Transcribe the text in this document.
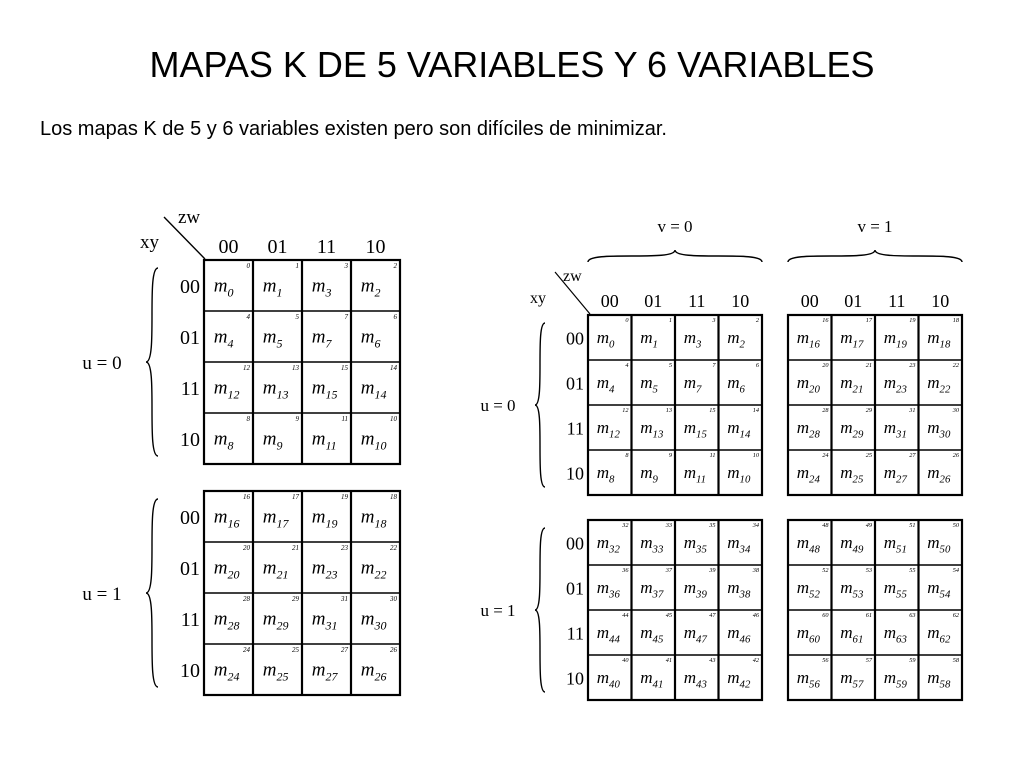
MAPAS K DE 5 VARIABLES Y 6 VARIABLES
Los mapas K de 5 y 6 variables existen pero son difíciles de minimizar.
zw
xy	00 01 11 10
0
$m_0$
1
$m_1$
3
$m_3$
2
$m_2$
4
$m_4$
5
$m_5$
7
$m_7$
6
$m_6$
12
$m_{12}$
13
$m_{13}$
15
$m_{15}$
14
$m_{14}$
8
$m_8$
9
$m_9$
11
$m_{11}$
10
$m_{10}$
00
01
11
10
u = 0
16
$m_{16}$
17
$m_{17}$
19
$m_{19}$
18
$m_{18}$
20
$m_{20}$
21
$m_{21}$
23
$m_{23}$
22
$m_{22}$
28
$m_{28}$
29
$m_{29}$
31
$m_{31}$
30
$m_{30}$
24
$m_{24}$
25
$m_{25}$
27
$m_{27}$
26
$m_{26}$
00
01
11
10
u = 1
zw
xy	00 01 11 10
v = 0
00 01 11 10
v = 1
00
01
11
10
u = 0
0
$m_0$
1
$m_1$
3
$m_3$
2
$m_2$
4
$m_4$
5
$m_5$
7
$m_7$
6
$m_6$
12
$m_{12}$
13
$m_{13}$
15
$m_{15}$
14
$m_{14}$
8
$m_8$
9
$m_9$
11
$m_{11}$
10
$m_{10}$
16
$m_{16}$
17
$m_{17}$
19
$m_{19}$
18
$m_{18}$
20
$m_{20}$
21
$m_{21}$
23
$m_{23}$
22
$m_{22}$
28
$m_{28}$
29
$m_{29}$
31
$m_{31}$
30
$m_{30}$
24
$m_{24}$
25
$m_{25}$
27
$m_{27}$
26
$m_{26}$
00
01
11
10
u = 1
32
$m_{32}$
33
$m_{33}$
35
$m_{35}$
34
$m_{34}$
36
$m_{36}$
37
$m_{37}$
39
$m_{39}$
38
$m_{38}$
44
$m_{44}$
45
$m_{45}$
47
$m_{47}$
46
$m_{46}$
40
$m_{40}$
41
$m_{41}$
43
$m_{43}$
42
$m_{42}$
48
$m_{48}$
49
$m_{49}$
51
$m_{51}$
50
$m_{50}$
52
$m_{52}$
53
$m_{53}$
55
$m_{55}$
54
$m_{54}$
60
$m_{60}$
61
$m_{61}$
63
$m_{63}$
62
$m_{62}$
56
$m_{56}$
57
$m_{57}$
59
$m_{59}$
58
$m_{58}$
